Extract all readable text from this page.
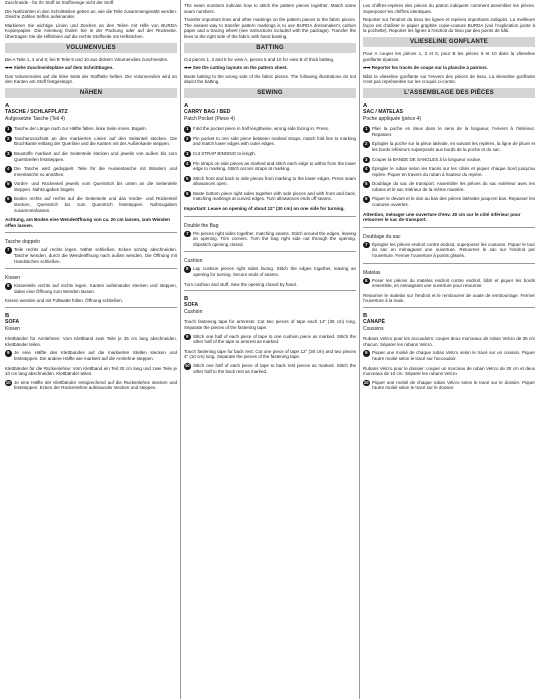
Zuschneide - für Ihr Stoff ist Stoffmenge nicht der Stoff.

Die Nahtzahlen in den Schnittteilen geben an, wie die Teile zusammengenäht werden. Gleiche Zahlen treffen aufeinander.

Markieren Sie wichtige Linien und Zeichen an den Teilen mit Hilfe von BURDA Kopierpapier. Die Anleitung finden Sie in der Packung oder auf der Rückseite. Übertragen Sie die Hilfslinien auf die rechte Stoffseite mit Heftstichen.

VOLUMENVLIES

Bei A Teile 1, 3 und 8; bei B Teile 5 und 10 aus dickem Volumenvlies zuschneiden.

➡➡ Siehe Zuschneidepläne auf dem Schnittbogen.

Das Volumenvlies auf die linke Seite der Stoffteile heften. Die Volumenvlies wird an den Kanten am Stoff festgesteppt.

NÄHEN
A
TASCHE / SCHLAFPLATZ
Aufgesetzte Tasche (Teil 4)
1	Tasche der Länge nach zur Hälfte falten, linke Seite innen. Bügeln.
2	Taschenzuschnitt an den markierten Linien auf den Seitenteil stecken. Die Bruchkante entlang der Querlinie und die Kanten mit der Außenkante steppen.
3	Baustoffe markiert auf die Seitenteile stecken und jeweils von außen bis zum Querstreifen feststeppen.
4	Die Tasche wird gedoppelt. Teile für die Aussentasche mit Bändern und Innentasche so annähen.
5	Vorder- und Rückenteil jeweils vom Querstrich bis unten an die Seitenteile steppen. Nahtzugaben bügeln.
6	Boden rechts auf rechts auf die Seitenteile und das Vorder- und Rückenteil stecken, Querstrich bis zum Querstrich feststeppen. Nahtzugaben zusammenfassen.

Achtung, am Boden eine Wendeöffnung von ca. 20 cm lassen, zum Wenden offen lassen.

Tasche doppeln
7	Teile rechts auf rechts legen. Nähte schließen. Ecken schräg abschneiden. Tasche wenden, durch die Wendeöffnung nach außen wenden. Die Öffnung mit Handstichen schließen.
Kissen
8	Kissenteile rechts auf rechts legen. Kanten aufeinander stecken und steppen, dabei eine Öffnung zum Wenden lassen.

Kissen wenden und mit Füllwatte füllen. Öffnung schließen.

B
SOFA
Kissen

Klettbänder für Armlehnen: Vom Klettband zwei Teile je 35 cm lang abschneiden. Klettbänder teilen.

9	Je eine Hälfte des Klettbandes auf die markierten Stellen stecken und feststeppen. Die andere Hälfte wie markiert auf die Armlehne steppen.

Klettbänder für die Rückenlehne: Vom Klettband ein Teil 30 cm lang und zwei Teile je 10 cm lang abschneiden. Klettbänder teilen.

10 Je eine Hälfte der Klettbänder entsprechend auf die Rückenlehne stecken und feststeppen. Ecken der Rückenlehne aufeinander stecken und steppen.

The seam numbers indicate how to stitch the pattern pieces together. Match same seam numbers.

Transfer important lines and other markings on the pattern pieces to the fabric pieces. The easiest way to transfer pattern markings is to use BURDA dressmaker's carbon paper and a tracing wheel (see instructions included with the package). Transfer the lines to the right side of the fabric with hand basting.

BATTING

Cut pieces 1, 3 and 8 for view A, pieces 5 and 10 for view B of thick batting.

➡➡ See the cutting layouts on the pattern sheet.

Baste batting to the wrong side of the fabric pieces. The following illustrations do not depict the batting.

SEWING
A
CARRY BAG / BED
Patch Pocket (Piece 4)
1	Fold the pocket piece in half lengthwise, wrong side facing in. Press.
2	Pin pocket to one side piece between marked straps, match fold line to marking and match lower edges with outer edges.
3	Cut STRAP BINDING to length.
4	Pin straps on side pieces as marked and stitch each edge to within from the lower edge to marking. Stitch across straps at marking.
5	Stitch front and back to side pieces from marking to the lower edges. Press seam allowances open.
6	Baste bottom piece right sides together with side pieces and with front and back, matching markings at curved edges. Turn allowances ends off seams.

Important: Leave an opening of about 12" (30 cm) on one side for turning.

Double the Bag
7	Pin pieces right sides together, matching seams. Stitch around the edges, leaving an opening. Trim corners. Turn the bag right side out through the opening. Slipstitch opening closed.
Cushion
8	Lay cushion pieces right sides facing. Stitch the edges together, leaving an opening for turning. Secure ends of seams.

Turn cushion and stuff. Sew the opening closed by hand.

B
SOFA
Cushion

Touch fastening tape for armrests: Cut two pieces of tape each 14" (35 cm) long. Separate the pieces of the fastening tape.

9	Stitch one half of each piece of tape to one cushion piece as marked. Stitch the other half of the tape to armrest as marked.

Touch fastening tape for back rest: Cut one piece of tape 12" (30 cm) and two pieces 4" (10 cm) long. Separate the pieces of the fastening tape.

10 Stitch one half of each piece of tape to back rest pieces as marked. Stitch the other half to the back rest as marked.

Les chiffres-repères des pièces du patron indiquent comment assembler les pièces. Superposer les chiffres identiques.

Reporter sur l'endroit du tissu les lignes et repères importants indiqués. La meilleure façon est d'utiliser le papier graphite copie-couture BURDA (voir l'explication jointe à la pochette). Reporter les lignes à l'endroit du tissu par des points de bâti.

VLIESELINE GONFLANTE

Pour A couper les pièces 1, 3 et 8, pour B les pièces 5 et 10 dans la vlieseline gonflante épaisse.

➡➡ Reporter les tracés de coupe sur la planche à patrons.

Bâtir la vlieseline gonflante sur l'envers des pièces de tissu. La vlieseline gonflante n'est pas représentée sur les croquis ci-contre.

L'ASSEMBLAGE DES PIÈCES
A
SAC / MATELAS
Poche appliquée (pièce 4)
1	Plier la poche en deux dans le sens de la longueur, l'envers à l'intérieur. Repasser.
2	Épingler la poche sur la pièce latérale, en suivant les repères, la ligne de pliure et les bords inférieurs superposés aux bords de la poche et du sac.
3	Couper la BANDE DE SANGLES à la longueur voulue.
4	Épingler le ruban selon les tracés sur les côtés et piquer chaque bord jusqu'au repère. Piquer en travers du ruban à hauteur du repère.
5	Doublage du sac de transport. Assembler les pièces du sac extérieur avec les rubans et le sac intérieur de la même manière.
6	Piquer le devant et le dos au bas des pièces latérales jusqu'en bas. Repasser les coutures ouvertes.

Attention, ménager une ouverture d'env. 30 cm sur le côté inférieur pour retourner le sac de transport.

Doublage du sac
7	Épingler les pièces endroit contre endroit, superposer les coutures. Piquer le tour du sac en ménageant une ouverture. Retourner le sac sur l'endroit par l'ouverture. Fermer l'ouverture à points glissés.
Matelas
8	Poser les pièces du matelas endroit contre endroit, bâtir et piquer les bords ensemble, en ménageant une ouverture pour retourner.

Retourner le matelas sur l'endroit et le rembourrer de ouate de rembourrage. Fermer l'ouverture à la main.

B
CANAPÉ
Coussins

Rubans Velcro pour les accoudoirs: couper deux morceaux de ruban Velcro de 35 cm chacun. Séparer les rubans Velcro.

9	Piquer une moitié de chaque ruban Velcro selon le tracé sur un coussin. Piquer l'autre moitié selon le tracé sur l'accoudoir.

Rubans Velcro pour le dossier: couper un morceau de ruban Velcro de 30 cm et deux morceaux de 10 cm. Séparer les rubans Velcro.

10 Piquer une moitié de chaque ruban Velcro selon le tracé sur le dossier. Piquer l'autre moitié selon le tracé sur le dossier.
